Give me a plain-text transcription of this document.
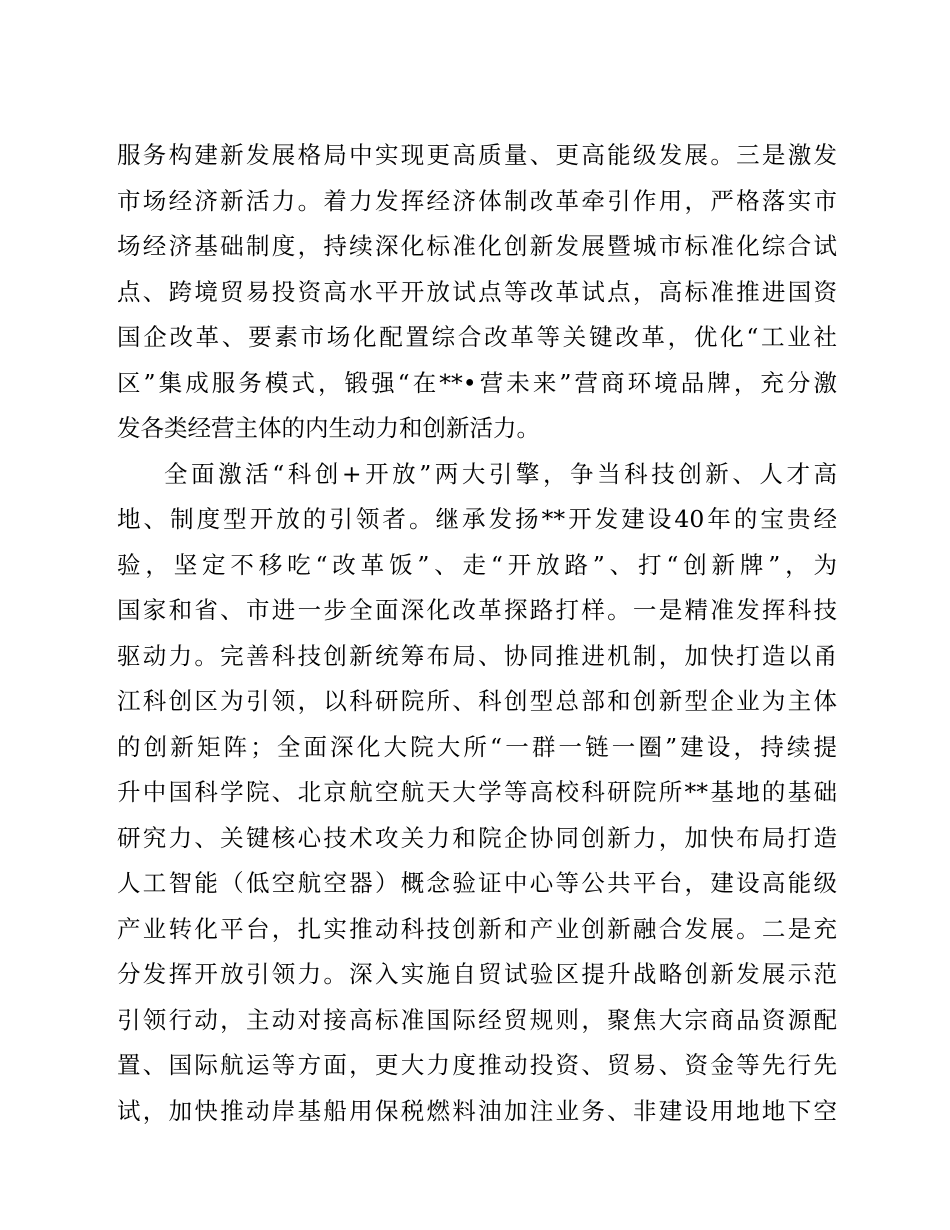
服务构建新发展格局中实现更高质量、更高能级发展。三是激发
市场经济新活力。着力发挥经济体制改革牵引作用，严格落实市
场经济基础制度，持续深化标准化创新发展暨城市标准化综合试
点、跨境贸易投资高水平开放试点等改革试点，高标准推进国资
国企改革、要素市场化配置综合改革等关键改革，优化“工业社
区”集成服务模式，锻强“在**•营未来”营商环境品牌，充分激
发各类经营主体的内生动力和创新活力。
全面激活“科创+开放”两大引擎，争当科技创新、人才高
地、制度型开放的引领者。继承发扬**开发建设40年的宝贵经
验，坚定不移吃“改革饭”、走“开放路”、打“创新牌”，为
国家和省、市进一步全面深化改革探路打样。一是精准发挥科技
驱动力。完善科技创新统筹布局、协同推进机制，加快打造以甬
江科创区为引领，以科研院所、科创型总部和创新型企业为主体
的创新矩阵；全面深化大院大所“一群一链一圈”建设，持续提
升中国科学院、北京航空航天大学等高校科研院所**基地的基础
研究力、关键核心技术攻关力和院企协同创新力，加快布局打造
人工智能（低空航空器）概念验证中心等公共平台，建设高能级
产业转化平台，扎实推动科技创新和产业创新融合发展。二是充
分发挥开放引领力。深入实施自贸试验区提升战略创新发展示范
引领行动，主动对接高标准国际经贸规则，聚焦大宗商品资源配
置、国际航运等方面，更大力度推动投资、贸易、资金等先行先
试，加快推动岸基船用保税燃料油加注业务、非建设用地地下空
